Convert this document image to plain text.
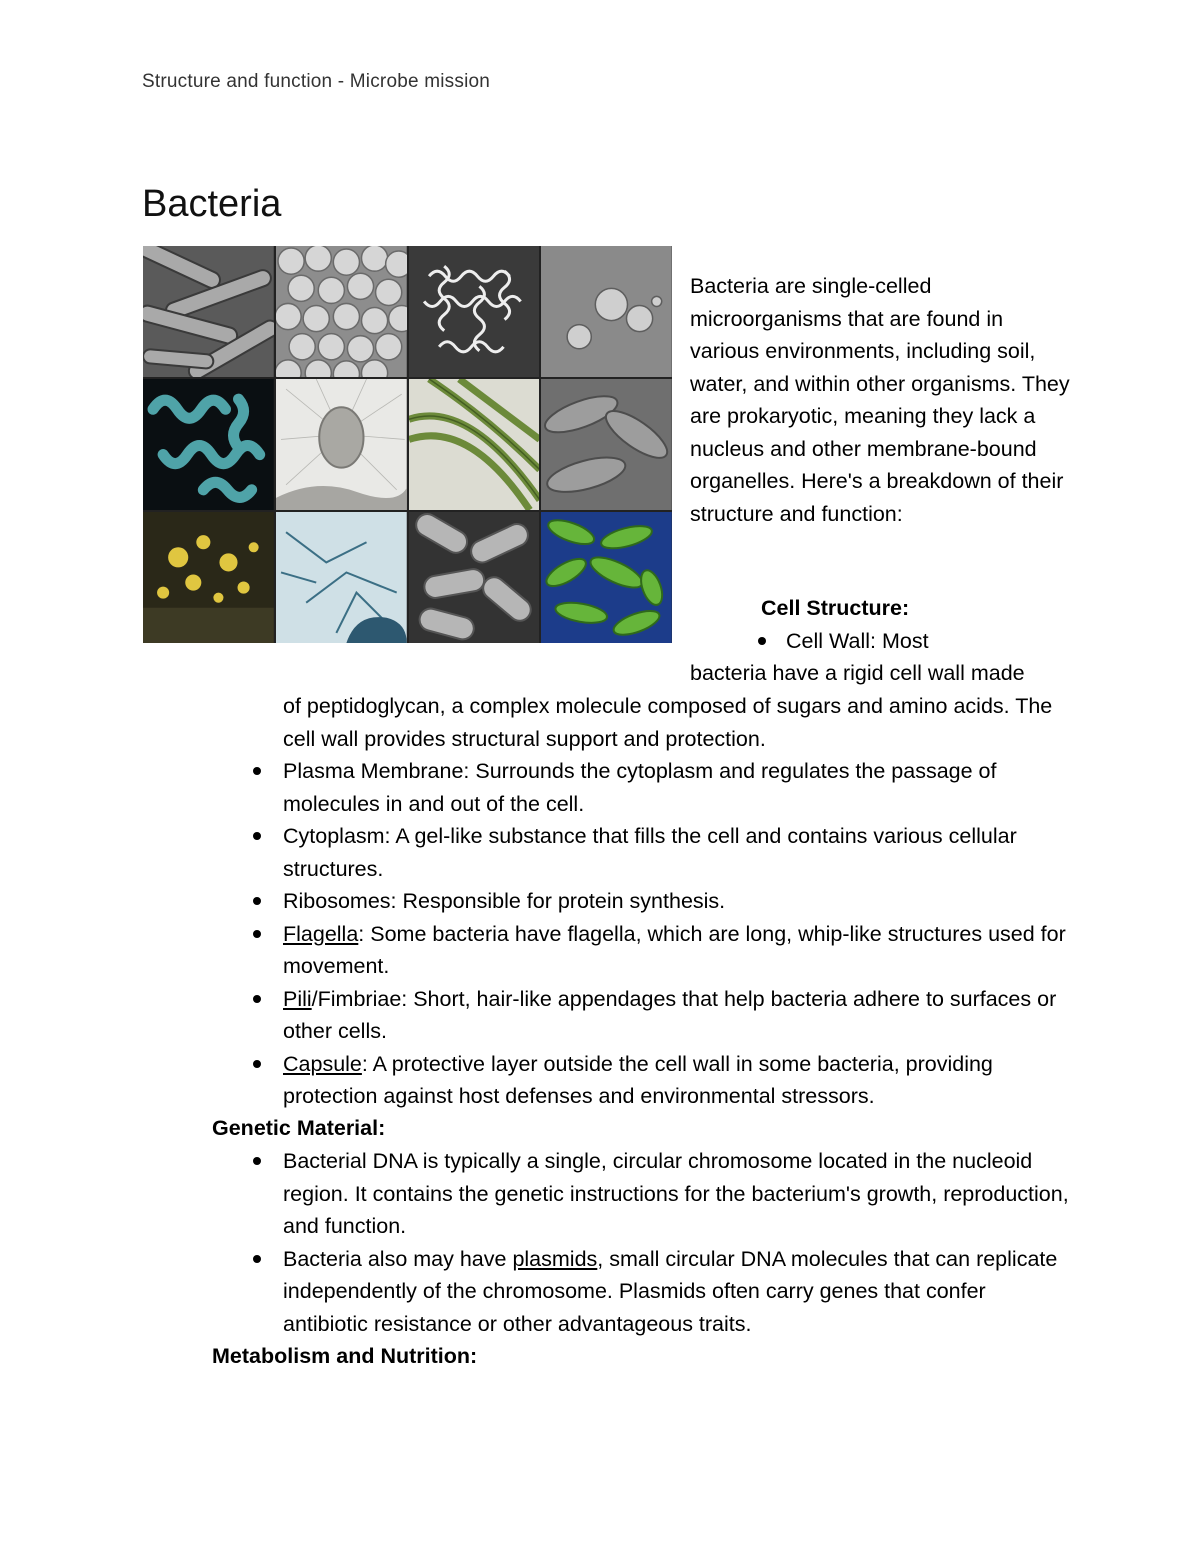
Structure and function - Microbe mission
Bacteria

Bacteria are single-celled microorganisms that are found in various environments, including soil, water, and within other organisms. They are prokaryotic, meaning they lack a nucleus and other membrane-bound organelles. Here's a breakdown of their structure and function:

Cell Structure:

Cell Wall: Most

bacteria have a rigid cell wall made

of peptidoglycan, a complex molecule composed of sugars and amino acids. The cell wall provides structural support and protection.

Plasma Membrane: Surrounds the cytoplasm and regulates the passage of molecules in and out of the cell.
Cytoplasm: A gel-like substance that fills the cell and contains various cellular structures.
Ribosomes: Responsible for protein synthesis.
Flagella: Some bacteria have flagella, which are long, whip-like structures used for movement.
Pili/Fimbriae: Short, hair-like appendages that help bacteria adhere to surfaces or other cells.
Capsule: A protective layer outside the cell wall in some bacteria, providing protection against host defenses and environmental stressors.

Genetic Material:

Bacterial DNA is typically a single, circular chromosome located in the nucleoid region. It contains the genetic instructions for the bacterium's growth, reproduction, and function.
Bacteria also may have plasmids, small circular DNA molecules that can replicate independently of the chromosome. Plasmids often carry genes that confer antibiotic resistance or other advantageous traits.

Metabolism and Nutrition:
